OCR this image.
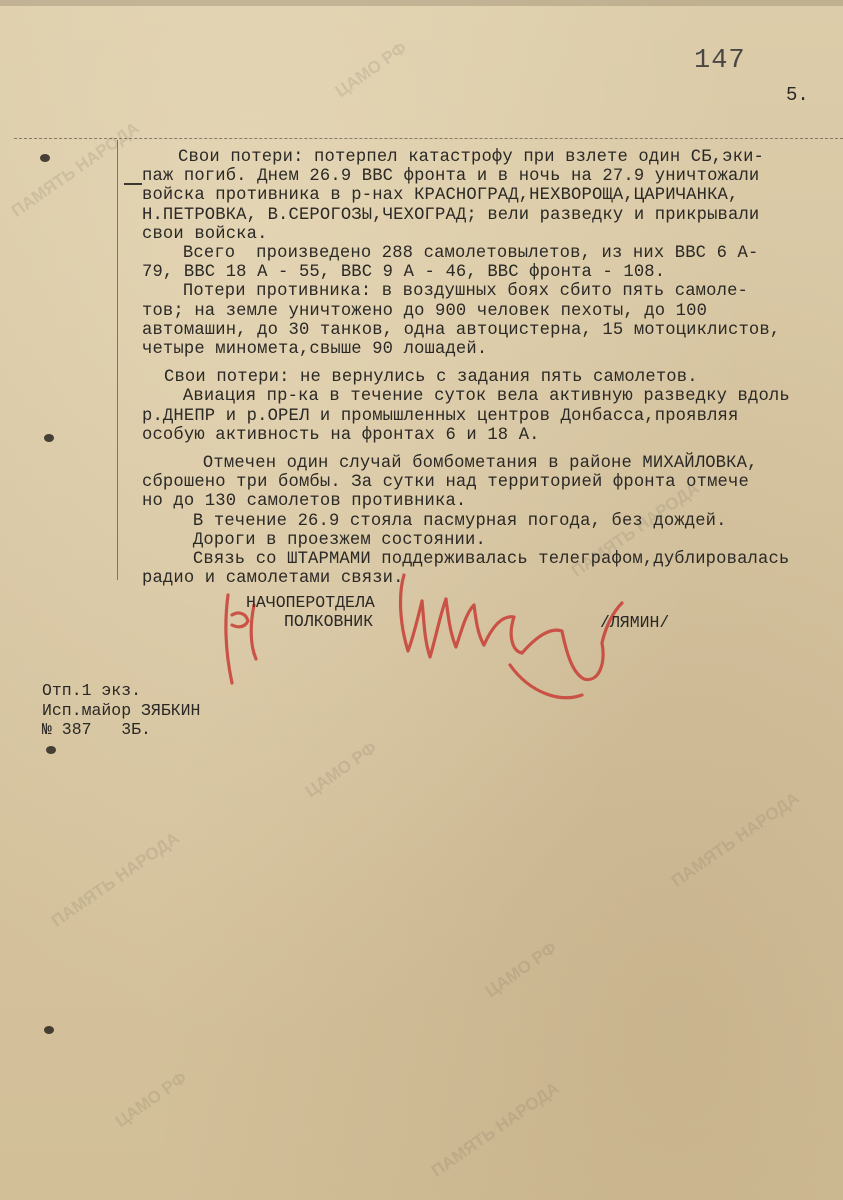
ПАМЯТЬ НАРОДА
ЦАМО РФ
ПАМЯТЬ НАРОДА
ЦАМО РФ
ПАМЯТЬ НАРОДА
ЦАМО РФ
ПАМЯТЬ НАРОДА
ЦАМО РФ	ПАМЯТЬ НАРОДА
147
5.
Свои потери: потерпел катастрофу при взлете один СБ,эки-
паж погиб. Днем 26.9 ВВС фронта и в ночь на 27.9 уничтожали
войска противника в р-нах КРАСНОГРАД,НЕХВОРОЩА,ЦАРИЧАНКА,
Н.ПЕТРОВКА, В.СЕРОГОЗЫ,ЧЕХОГРАД; вели разведку и прикрывали
свои войска.
Всего  произведено 288 самолетовылетов, из них ВВС 6 А-
79, ВВС 18 А - 55, ВВС 9 А - 46, ВВС фронта - 108.
Потери противника: в воздушных боях сбито пять самоле-
тов; на земле уничтожено до 900 человек пехоты, до 100
автомашин, до 30 танков, одна автоцистерна, 15 мотоциклистов,
четыре миномета,свыше 90 лошадей.
Свои потери: не вернулись с задания пять самолетов.
Авиация пр-ка в течение суток вела активную разведку вдоль
р.ДНЕПР и р.ОРЕЛ и промышленных центров Донбасса,проявляя
особую активность на фронтах 6 и 18 А.
Отмечен один случай бомбометания в районе МИХАЙЛОВКА,
сброшено три бомбы. За сутки над территорией фронта отмече
но до 130 самолетов противника.
В течение 26.9 стояла пасмурная погода, без дождей.
Дороги в проезжем состоянии.
Связь со ШТАРМАМИ поддерживалась телеграфом,дублировалась
радио и самолетами связи.
НАЧОПЕРОТДЕЛА
ПОЛКОВНИК	/ЛЯМИН/
Отп.1 экз.
Исп.майор ЗЯБКИН
№ 387   3Б.
